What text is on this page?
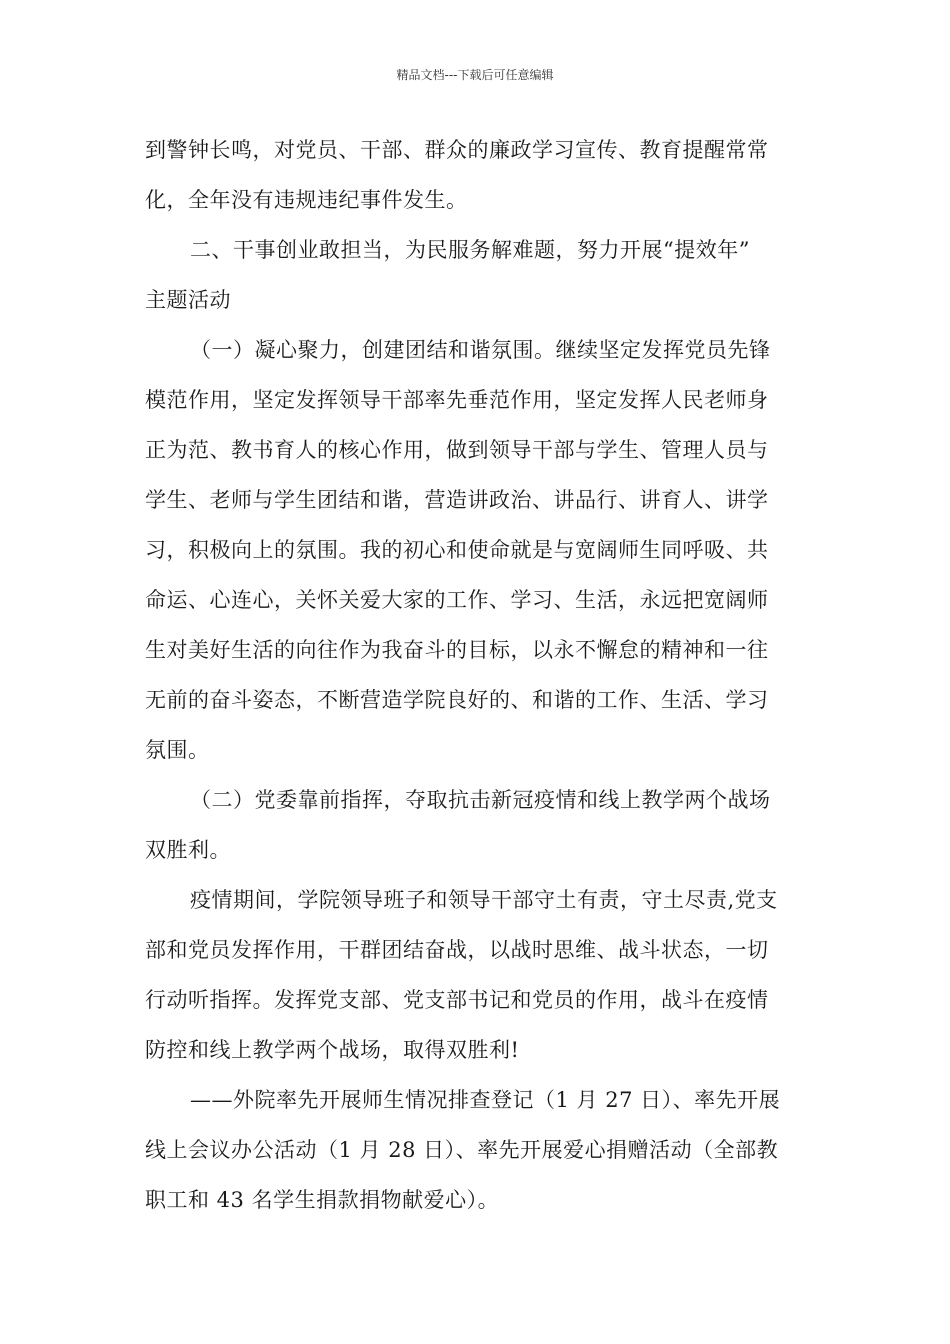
精品文档---下载后可任意编辑
到警钟长鸣，对党员、干部、群众的廉政学习宣传、教育提醒常常
化，全年没有违规违纪事件发生。
二、干事创业敢担当，为民服务解难题，努力开展“提效年”
主题活动
（一）凝心聚力，创建团结和谐氛围。继续坚定发挥党员先锋
模范作用，坚定发挥领导干部率先垂范作用，坚定发挥人民老师身
正为范、教书育人的核心作用，做到领导干部与学生、管理人员与
学生、老师与学生团结和谐，营造讲政治、讲品行、讲育人、讲学
习，积极向上的氛围。我的初心和使命就是与宽阔师生同呼吸、共
命运、心连心，关怀关爱大家的工作、学习、生活，永远把宽阔师
生对美好生活的向往作为我奋斗的目标，以永不懈怠的精神和一往
无前的奋斗姿态，不断营造学院良好的、和谐的工作、生活、学习
氛围。
（二）党委靠前指挥，夺取抗击新冠疫情和线上教学两个战场
双胜利。
疫情期间，学院领导班子和领导干部守土有责，守土尽责,党支
部和党员发挥作用，干群团结奋战，以战时思维、战斗状态，一切
行动听指挥。发挥党支部、党支部书记和党员的作用，战斗在疫情
防控和线上教学两个战场，取得双胜利!
——外院率先开展师生情况排查登记（1 月 27 日）、率先开展
线上会议办公活动（1 月 28 日）、率先开展爱心捐赠活动（全部教
职工和 43 名学生捐款捐物献爱心）。
